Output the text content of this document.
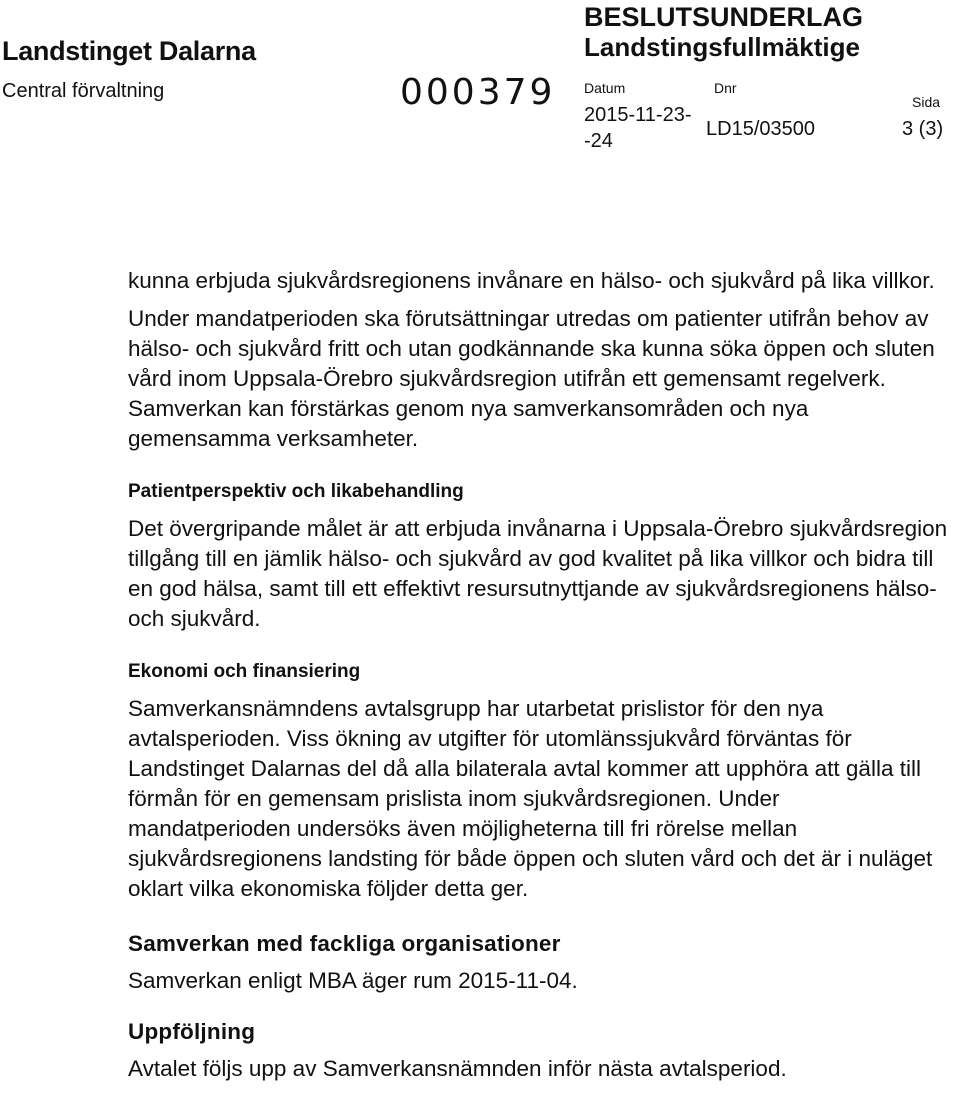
Landstinget Dalarna
Central förvaltning	000379
BESLUTSUNDERLAG
Landstingsfullmäktige
Datum
2015-11-23-
-24
Dnr
LD15/03500
Sida
3 (3)

kunna erbjuda sjukvårdsregionens invånare en hälso- och sjukvård på lika villkor.

Under mandatperioden ska förutsättningar utredas om patienter utifrån behov av hälso- och sjukvård fritt och utan godkännande ska kunna söka öppen och sluten vård inom Uppsala-Örebro sjukvårdsregion utifrån ett gemensamt regelverk. Samverkan kan förstärkas genom nya samverkansområden och nya gemensamma verksamheter.

Patientperspektiv och likabehandling

Det övergripande målet är att erbjuda invånarna i Uppsala-Örebro sjukvårdsregion tillgång till en jämlik hälso- och sjukvård av god kvalitet på lika villkor och bidra till en god hälsa, samt till ett effektivt resursutnyttjande av sjukvårdsregionens hälso- och sjukvård.

Ekonomi och finansiering

Samverkansnämndens avtalsgrupp har utarbetat prislistor för den nya avtalsperioden. Viss ökning av utgifter för utomlänssjukvård förväntas för Landstinget Dalarnas del då alla bilaterala avtal kommer att upphöra att gälla till förmån för en gemensam prislista inom sjukvårdsregionen. Under mandatperioden undersöks även möjligheterna till fri rörelse mellan sjukvårdsregionens landsting för både öppen och sluten vård och det är i nuläget oklart vilka ekonomiska följder detta ger.

Samverkan med fackliga organisationer

Samverkan enligt MBA äger rum 2015-11-04.

Uppföljning

Avtalet följs upp av Samverkansnämnden inför nästa avtalsperiod.
